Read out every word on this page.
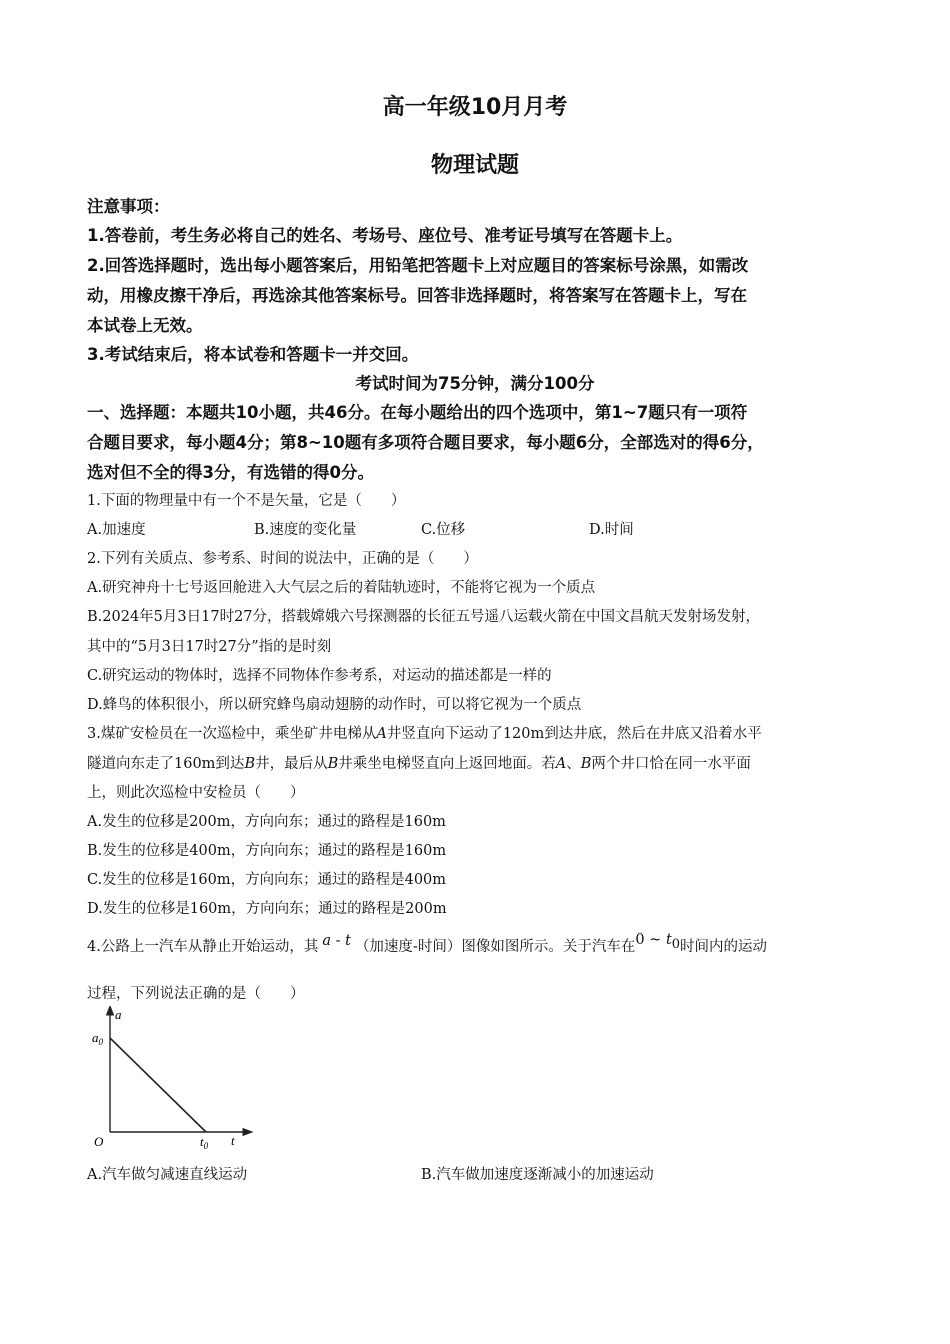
高一年级10月月考
物理试题
注意事项：
1.答卷前，考生务必将自己的姓名、考场号、座位号、准考证号填写在答题卡上。
2.回答选择题时，选出每小题答案后，用铅笔把答题卡上对应题目的答案标号涂黑，如需改
动，用橡皮擦干净后，再选涂其他答案标号。回答非选择题时，将答案写在答题卡上，写在
本试卷上无效。
3.考试结束后，将本试卷和答题卡一并交回。
考试时间为75分钟，满分100分
一、选择题：本题共10小题，共46分。在每小题给出的四个选项中，第1~7题只有一项符
合题目要求，每小题4分；第8~10题有多项符合题目要求，每小题6分，全部选对的得6分，
选对但不全的得3分，有选错的得0分。
1.下面的物理量中有一个不是矢量，它是（　　）
A.加速度	B.速度的变化量	C.位移	D.时间
2.下列有关质点、参考系、时间的说法中，正确的是（　　）
A.研究神舟十七号返回舱进入大气层之后的着陆轨迹时，不能将它视为一个质点
B.2024年5月3日17时27分，搭载嫦娥六号探测器的长征五号遥八运载火箭在中国文昌航天发射场发射，
其中的“5月3日17时27分”指的是时刻
C.研究运动的物体时，选择不同物体作参考系，对运动的描述都是一样的
D.蜂鸟的体积很小，所以研究蜂鸟扇动翅膀的动作时，可以将它视为一个质点
3.煤矿安检员在一次巡检中，乘坐矿井电梯从A井竖直向下运动了120m到达井底，然后在井底又沿着水平
隧道向东走了160m到达B井，最后从B井乘坐电梯竖直向上返回地面。若A、B两个井口恰在同一水平面
上，则此次巡检中安检员（　　）
A.发生的位移是200m，方向向东；通过的路程是160m
B.发生的位移是400m，方向向东；通过的路程是160m
C.发生的位移是160m，方向向东；通过的路程是400m
D.发生的位移是160m，方向向东；通过的路程是200m
4.公路上一汽车从静止开始运动，其 a - t （加速度-时间）图像如图所示。关于汽车在0 ~ $t_0$时间内的运动
过程，下列说法正确的是（　　）
a
t
O
$a_0$
$t_0$
A.汽车做匀减速直线运动	B.汽车做加速度逐渐减小的加速运动
